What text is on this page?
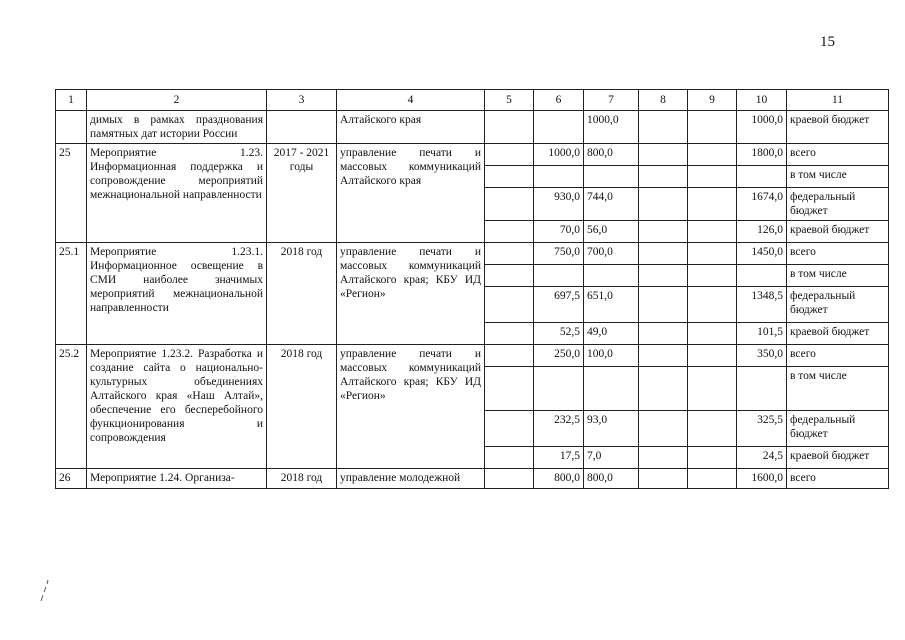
15
1	2	3	4	5	6	7	8	9	10	11
	димых в рамках празднования памятных дат истории России		Алтайского края			1000,0			1000,0	краевой бюджет
25	Мероприятие 1.23. Информационная поддержка и сопровождение мероприятий межнациональной направленности	2017 - 2021 годы	управление печати и массовых коммуникаций Алтайского края		1000,0	800,0			1800,0	всего
										в том числе
					930,0	744,0			1674,0	федеральный бюджет
					70,0	56,0			126,0	краевой бюджет
25.1	Мероприятие 1.23.1. Информационное освещение в СМИ наиболее значимых мероприятий межнациональной направленности	2018 год	управление печати и массовых коммуникаций Алтайского края; КБУ ИД «Регион»		750,0	700,0			1450,0	всего
										в том числе
					697,5	651,0			1348,5	федеральный бюджет
					52,5	49,0			101,5	краевой бюджет
25.2	Мероприятие 1.23.2. Разработка и создание сайта о национально-культурных объединениях Алтайского края «Наш Алтай», обеспечение его бесперебойного функционирования и сопровождения	2018 год	управление печати и массовых коммуникаций Алтайского края; КБУ ИД «Регион»		250,0	100,0			350,0	всего
										в том числе
					232,5	93,0			325,5	федеральный бюджет
					17,5	7,0			24,5	краевой бюджет
26	Мероприятие 1.24. Организа-	2018 год	управление молодежной		800,0	800,0			1600,0	всего
